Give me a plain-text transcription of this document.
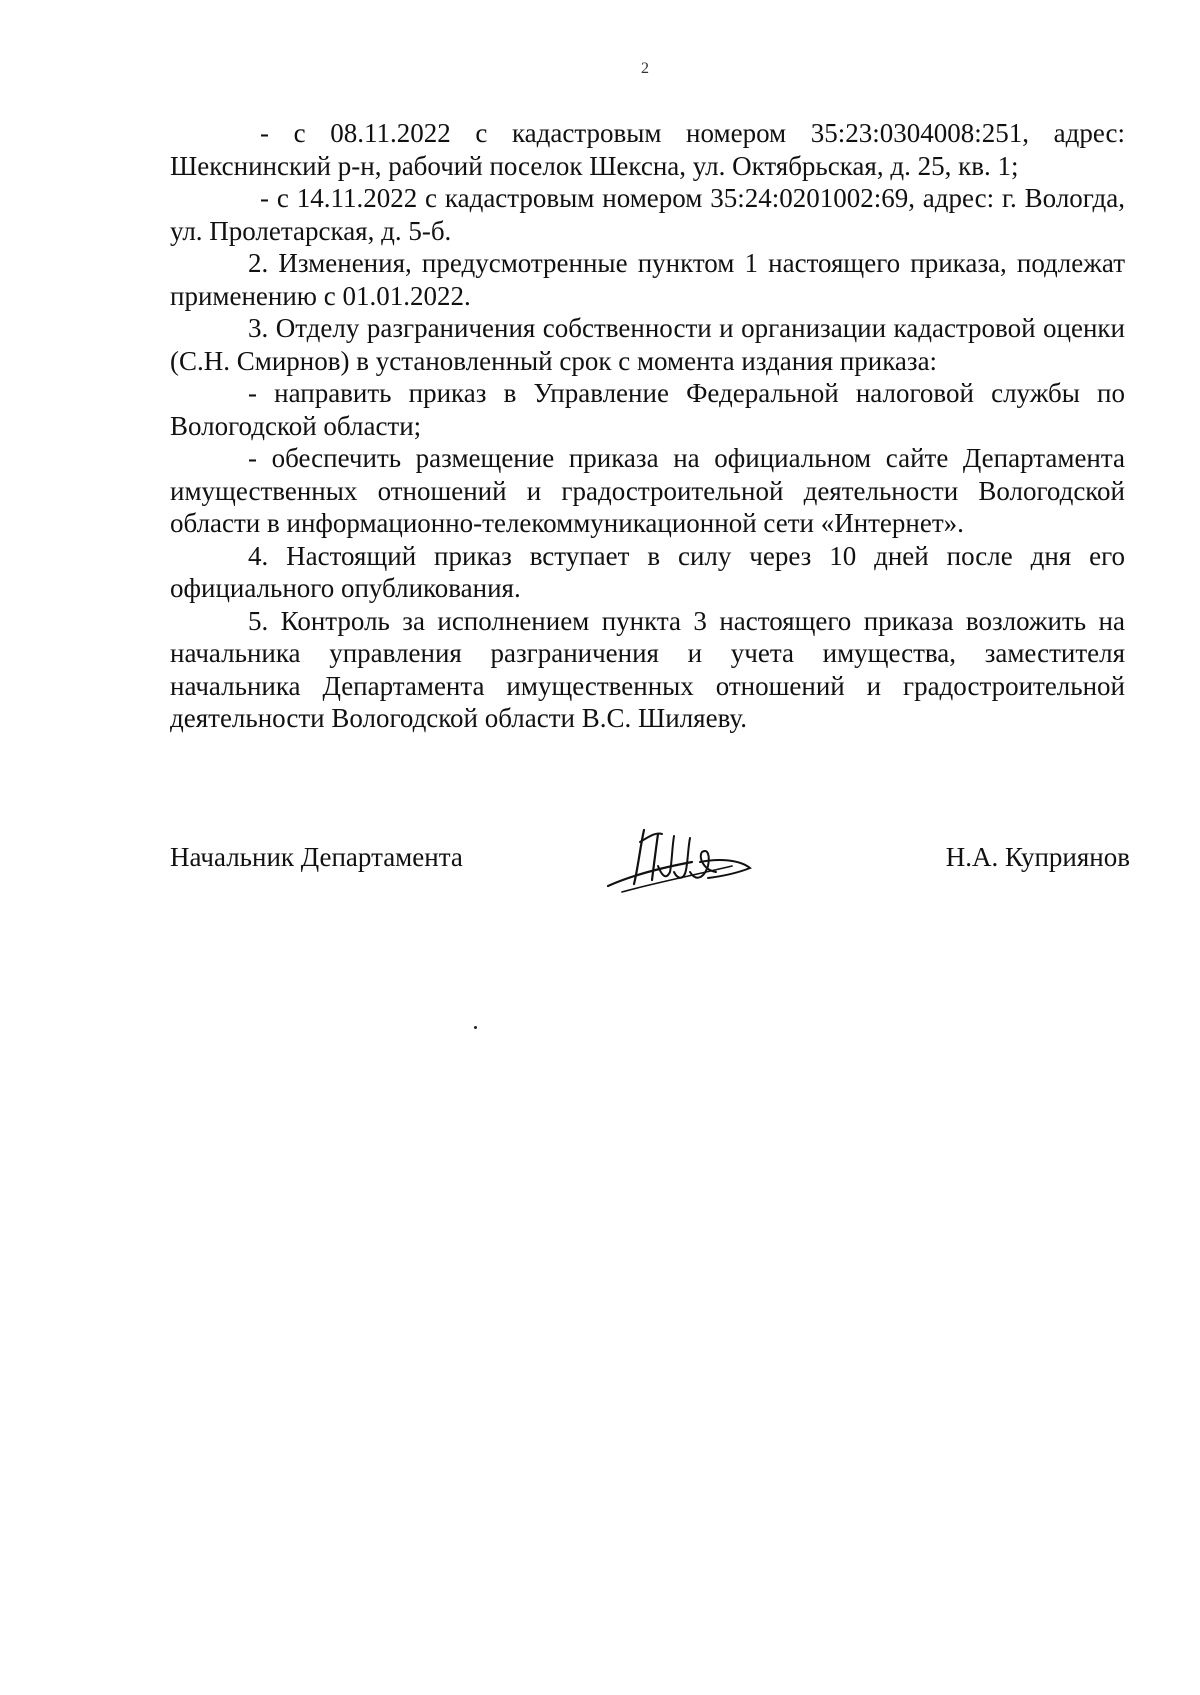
2

- с 08.11.2022 с кадастровым номером 35:23:0304008:251, адрес: Шекснинский р-н, рабочий поселок Шексна, ул. Октябрьская, д. 25, кв. 1;

- с 14.11.2022 с кадастровым номером 35:24:0201002:69, адрес: г. Вологда, ул. Пролетарская, д. 5-б.

2. Изменения, предусмотренные пунктом 1 настоящего приказа, подлежат применению с 01.01.2022.

3. Отделу разграничения собственности и организации кадастровой оценки (С.Н. Смирнов) в установленный срок с момента издания приказа:

- направить приказ в Управление Федеральной налоговой службы по Вологодской области;

- обеспечить размещение приказа на официальном сайте Департамента имущественных отношений и градостроительной деятельности Вологодской области в информационно-телекоммуникационной сети «Интернет».

4. Настоящий приказ вступает в силу через 10 дней после дня его официального опубликования.

5. Контроль за исполнением пункта 3 настоящего приказа возложить на начальника управления разграничения и учета имущества, заместителя начальника Департамента имущественных отношений и градостроительной деятельности Вологодской области В.С. Шиляеву.

Начальник Департамента	Н.А. Куприянов
